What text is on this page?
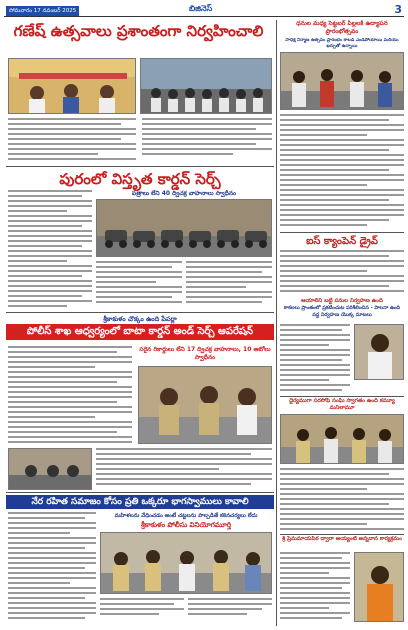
సోమవారం 17 నవంబర్ 2025	బిజినెస్	3
గణేష్ ఉత్సవాలు ప్రశాంతంగా నిర్వహించాలి
పురంలో విస్తృత కార్డన్ సెర్చ్
పత్రాలు లేని 40 ద్విచక్ర వాహనాలు స్వాధీనం
శ్రీకాకుళం చొక్కం ఉంది పేపర్లా
పోలీస్ శాఖ ఆధ్వర్యంలో బాటా కార్డన్ అండ్ సెర్చ్ ఆపరేషన్
సరైన రికార్డులు లేని 17 ద్విచక్ర వాహనాలు, 10 ఆటోలు స్వాధీనం
నేర రహిత సమాజం కోసం ప్రతి ఒక్కరూ భాగస్వాములు కావాలి
మహిళలను వేధించడం అంటే చట్టలను పాల్పడితే కఠినచర్యలు లేదు
శ్రీకాకుళం పోలీసు వినియోగమూర్తి
ధనుల మధ్య సెట్టబర్ పిల్లలకి ఉద్యాపన ప్రారంభోత్సవం
సాధిక్ష నిర్మాణ ఉత్సవం ప్రారంభం కాబడి ఎండిపోయాయి మరియు ఖర్చుతో ఉన్నాయి
ఐస్ క్యాంపెన్ డ్రైవ్
ఆయాలిని బట్టి పనుల నిర్వహణ ఉంది
కాకలలు ప్రాంతంలో ప్రకటించుట పరిశీలించిన - పాలనా ఉంది వద్ద నిర్వహణ యొక్క మాటలు
ధైర్యముగా సరసోఫీ సంఘీ స్వాగతం ఉంది కమ్యూ మనిలామూ
శ్రీ ప్రేమమాయపీఠ ద్వారా అయ్యంటి అన్నదాన కార్యక్రమం
